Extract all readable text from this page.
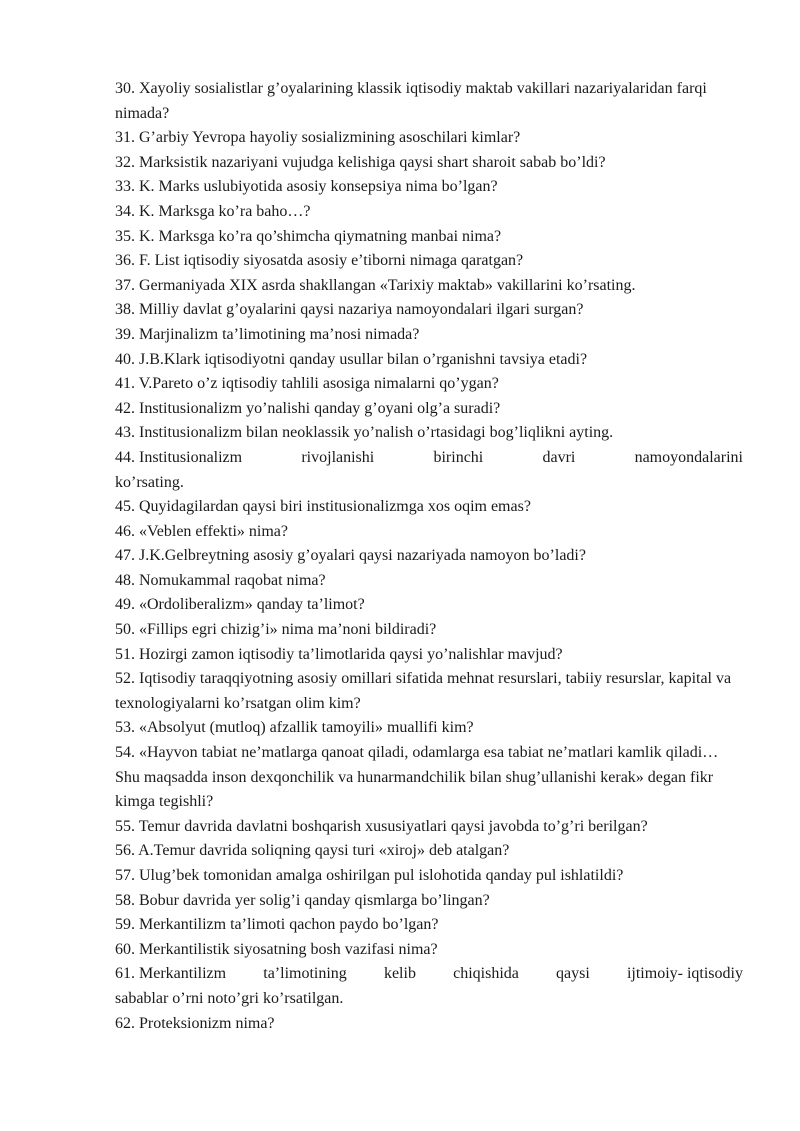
30. Xayoliy sosialistlar g’oyalarining klassik iqtisodiy maktab vakillari nazariyalaridan farqi nimada?

31. G’arbiy Yevropa hayoliy sosializmining asoschilari kimlar?

32. Marksistik nazariyani vujudga kelishiga qaysi shart sharoit sabab bo’ldi?

33. K. Marks uslubiyotida asosiy konsepsiya nima bo’lgan?

34. K. Marksga ko’ra baho…?

35. K. Marksga ko’ra qo’shimcha qiymatning manbai nima?

36. F. List iqtisodiy siyosatda asosiy e’tiborni nimaga qaratgan?

37. Germaniyada XIX asrda shakllangan «Tarixiy maktab» vakillarini ko’rsating.

38. Milliy davlat g’oyalarini qaysi nazariya namoyondalari ilgari surgan?

39. Marjinalizm ta’limotining ma’nosi nimada?

40. J.B.Klark iqtisodiyotni qanday usullar bilan o’rganishni tavsiya etadi?

41. V.Pareto o’z iqtisodiy tahlili asosiga nimalarni qo’ygan?

42. Institusionalizm yo’nalishi qanday g’oyani olg’a suradi?

43. Institusionalizm bilan neoklassik yo’nalish o’rtasidagi bog’liqlikni ayting.

44. Institusionalizm	rivojlanishi	birinchi	davri	namoyondalarini
ko’rsating.

45. Quyidagilardan qaysi biri institusionalizmga xos oqim emas?

46. «Veblen effekti» nima?

47. J.K.Gelbreytning asosiy g’oyalari qaysi nazariyada namoyon bo’ladi?

48. Nomukammal raqobat nima?

49. «Ordoliberalizm» qanday ta’limot?

50. «Fillips egri chizig’i» nima ma’noni bildiradi?

51. Hozirgi zamon iqtisodiy ta’limotlarida qaysi yo’nalishlar mavjud?

52. Iqtisodiy taraqqiyotning asosiy omillari sifatida mehnat resurslari, tabiiy resurslar, kapital va texnologiyalarni ko’rsatgan olim kim?

53. «Absolyut (mutloq) afzallik tamoyili» muallifi kim?

54. «Hayvon tabiat ne’matlarga qanoat qiladi, odamlarga esa tabiat ne’matlari kamlik qiladi… Shu maqsadda inson dexqonchilik va hunarmandchilik bilan shug’ullanishi kerak» degan fikr kimga tegishli?

55. Temur davrida davlatni boshqarish xususiyatlari qaysi javobda to’g’ri berilgan?

56. A.Temur davrida soliqning qaysi turi «xiroj» deb atalgan?

57. Ulug’bek tomonidan amalga oshirilgan pul islohotida qanday pul ishlatildi?

58. Bobur davrida yer solig’i qanday qismlarga bo’lingan?

59. Merkantilizm ta’limoti qachon paydo bo’lgan?

60. Merkantilistik siyosatning bosh vazifasi nima?

61. Merkantilizm ta’limotining kelib chiqishida qaysi ijtimoiy- iqtisodiy
sabablar o’rni noto’gri ko’rsatilgan.

62. Proteksionizm nima?
